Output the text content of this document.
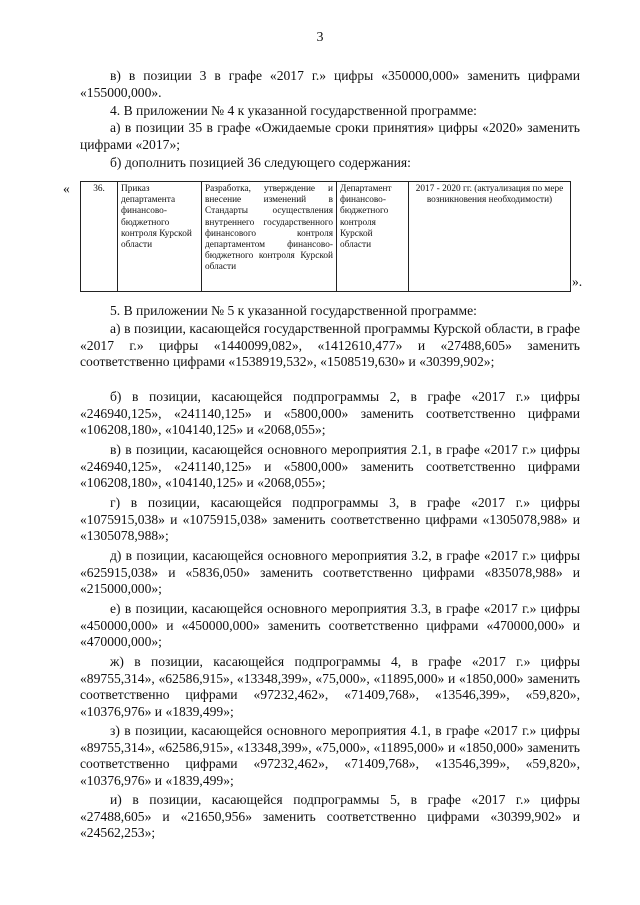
3
в) в позиции 3 в графе «2017 г.» цифры «350000,000» заменить цифрами «155000,000».
4. В приложении № 4 к указанной государственной программе:
а) в позиции 35 в графе «Ожидаемые сроки принятия» цифры «2020» заменить цифрами «2017»;
б) дополнить позицией 36 следующего содержания:
«	36.	Приказ департамента финансово-бюджетного контроля Курской области	Разработка, утверждение и внесение изменений в Стандарты осуществления внутреннего государственного финансового контроля департаментом финансово-бюджетного контроля Курской области	Департамент финансово-бюджетного контроля Курской области	2017 - 2020 гг. (актуализация по мере возникновения необходимости)
».
5. В приложении № 5 к указанной государственной программе:
а) в позиции, касающейся государственной программы Курской области, в графе «2017 г.» цифры «1440099,082», «1412610,477» и «27488,605» заменить соответственно цифрами «1538919,532», «1508519,630» и «30399,902»;
б) в позиции, касающейся подпрограммы 2, в графе «2017 г.» цифры «246940,125», «241140,125» и «5800,000» заменить соответственно цифрами «106208,180», «104140,125» и «2068,055»;
в) в позиции, касающейся основного мероприятия 2.1, в графе «2017 г.» цифры «246940,125», «241140,125» и «5800,000» заменить соответственно цифрами «106208,180», «104140,125» и «2068,055»;
г) в позиции, касающейся подпрограммы 3, в графе «2017 г.» цифры «1075915,038» и «1075915,038» заменить соответственно цифрами «1305078,988» и «1305078,988»;
д) в позиции, касающейся основного мероприятия 3.2, в графе «2017 г.» цифры «625915,038» и «5836,050» заменить соответственно цифрами «835078,988» и «215000,000»;
е) в позиции, касающейся основного мероприятия 3.3, в графе «2017 г.» цифры «450000,000» и «450000,000» заменить соответственно цифрами «470000,000» и «470000,000»;
ж) в позиции, касающейся подпрограммы 4, в графе «2017 г.» цифры «89755,314», «62586,915», «13348,399», «75,000», «11895,000» и «1850,000» заменить соответственно цифрами «97232,462», «71409,768», «13546,399», «59,820», «10376,976» и «1839,499»;
з) в позиции, касающейся основного мероприятия 4.1, в графе «2017 г.» цифры «89755,314», «62586,915», «13348,399», «75,000», «11895,000» и «1850,000» заменить соответственно цифрами «97232,462», «71409,768», «13546,399», «59,820», «10376,976» и «1839,499»;
и) в позиции, касающейся подпрограммы 5, в графе «2017 г.» цифры «27488,605» и «21650,956» заменить соответственно цифрами «30399,902» и «24562,253»;
